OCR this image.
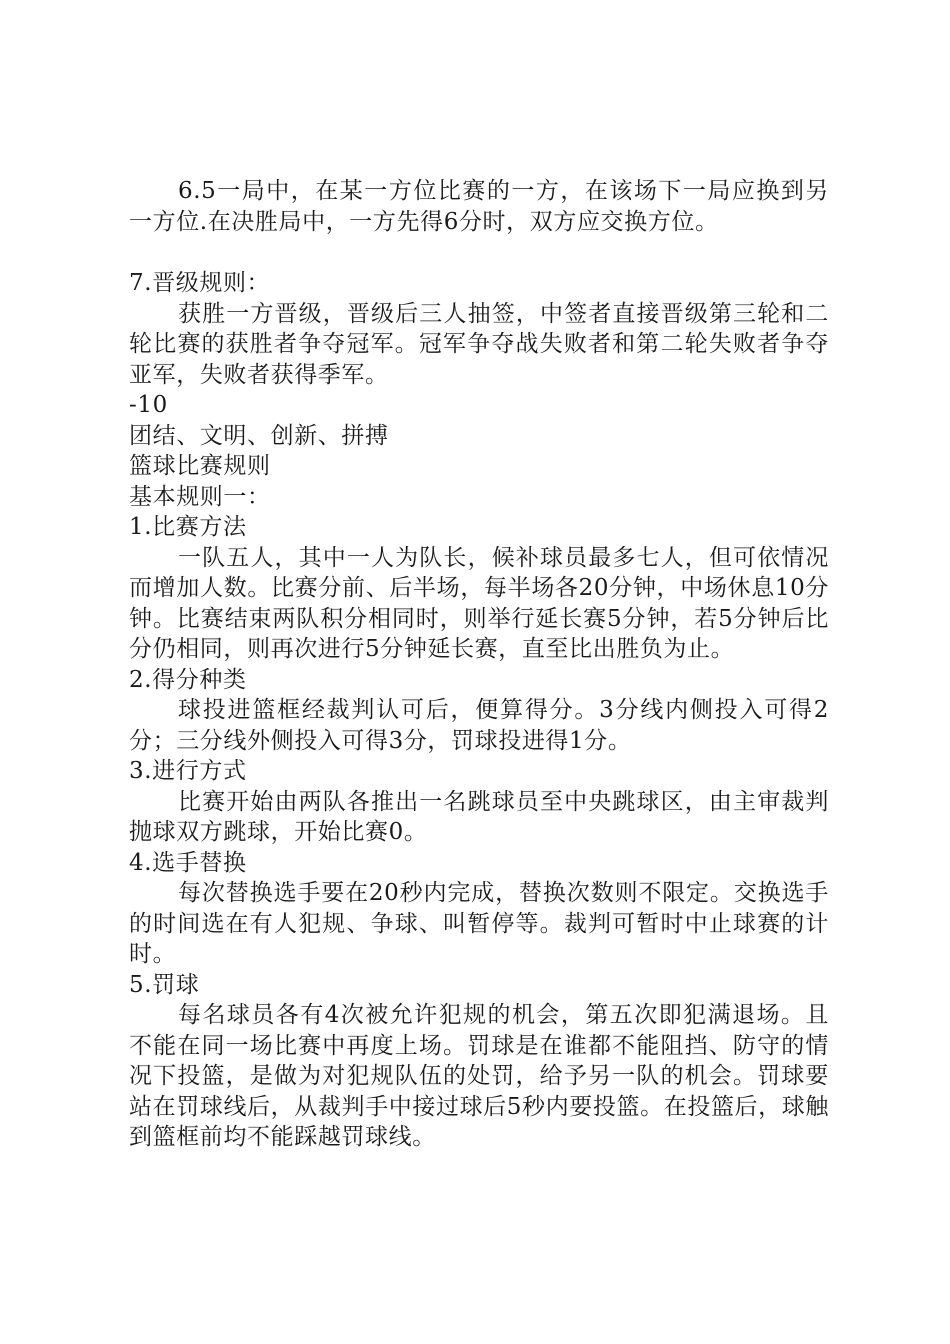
6.5一局中，在某一方位比赛的一方，在该场下一局应换到另一方位.在决胜局中，一方先得6分时，双方应交换方位。

7.晋级规则：

获胜一方晋级，晋级后三人抽签，中签者直接晋级第三轮和二轮比赛的获胜者争夺冠军。冠军争夺战失败者和第二轮失败者争夺亚军，失败者获得季军。

-10

团结、文明、创新、拼搏

篮球比赛规则

基本规则一：

1.比赛方法

一队五人，其中一人为队长，候补球员最多七人，但可依情况而增加人数。比赛分前、后半场，每半场各20分钟，中场休息10分钟。比赛结束两队积分相同时，则举行延长赛5分钟，若5分钟后比分仍相同，则再次进行5分钟延长赛，直至比出胜负为止。

2.得分种类

球投进篮框经裁判认可后，便算得分。3分线内侧投入可得2分；三分线外侧投入可得3分，罚球投进得1分。

3.进行方式

比赛开始由两队各推出一名跳球员至中央跳球区，由主审裁判抛球双方跳球，开始比赛0。

4.选手替换

每次替换选手要在20秒内完成，替换次数则不限定。交换选手的时间选在有人犯规、争球、叫暂停等。裁判可暂时中止球赛的计时。

5.罚球

每名球员各有4次被允许犯规的机会，第五次即犯满退场。且不能在同一场比赛中再度上场。罚球是在谁都不能阻挡、防守的情况下投篮，是做为对犯规队伍的处罚，给予另一队的机会。罚球要站在罚球线后，从裁判手中接过球后5秒内要投篮。在投篮后，球触到篮框前均不能踩越罚球线。
